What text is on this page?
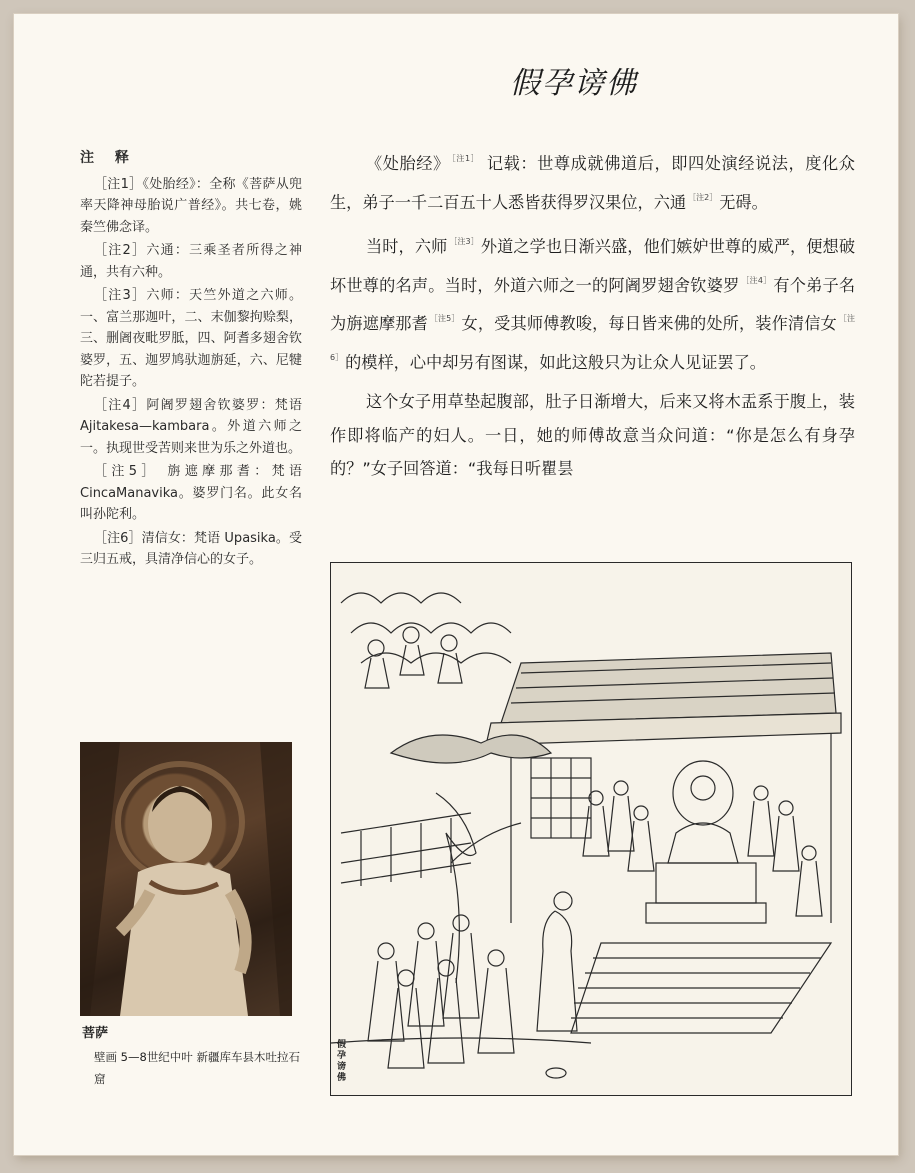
假孕谤佛
注 释

［注1］《处胎经》：全称《菩萨从兜率天降神母胎说广普经》。共七卷，姚秦竺佛念译。

［注2］六通：三乘圣者所得之神通，共有六种。

［注3］六师：天竺外道之六师。一、富兰那迦叶，二、末伽黎拘赊梨，三、删阇夜毗罗胝，四、阿耆多翅舍钦婆罗，五、迦罗鸠驮迦旃延，六、尼犍陀若提子。

［注4］阿阇罗翅舍钦婆罗：梵语 Ajitakesa—kambara。外道六师之一。执现世受苦则来世为乐之外道也。

［注5］ 旃遮摩那耆：梵语 CincaManavika。婆罗门名。此女名叫孙陀利。

［注6］清信女：梵语 Upasika。受三归五戒，具清净信心的女子。

《处胎经》 $^{[注1]}$ 记载：世尊成就佛道后，即四处演经说法，度化众生，弟子一千二百五十人悉皆获得罗汉果位，六通 $^{[注2]}$ 无碍。

当时，六师 $^{[注3]}$ 外道之学也日渐兴盛，他们嫉妒世尊的威严，便想破坏世尊的名声。当时，外道六师之一的阿阇罗翅舍钦婆罗 $^{[注4]}$ 有个弟子名为旃遮摩那耆 $^{[注5]}$ 女，受其师傅教唆，每日皆来佛的处所，装作清信女 $^{[注6]}$ 的模样，心中却另有图谋，如此这般只为让众人见证罢了。

这个女子用草垫起腹部，肚子日渐增大，后来又将木盂系于腹上，装作即将临产的妇人。一日，她的师傅故意当众问道：“你是怎么有身孕的？”女子回答道：“我每日听瞿昙

菩萨
壁画 5—8世纪中叶 新疆库车县木吐拉石窟
假孕谤佛
